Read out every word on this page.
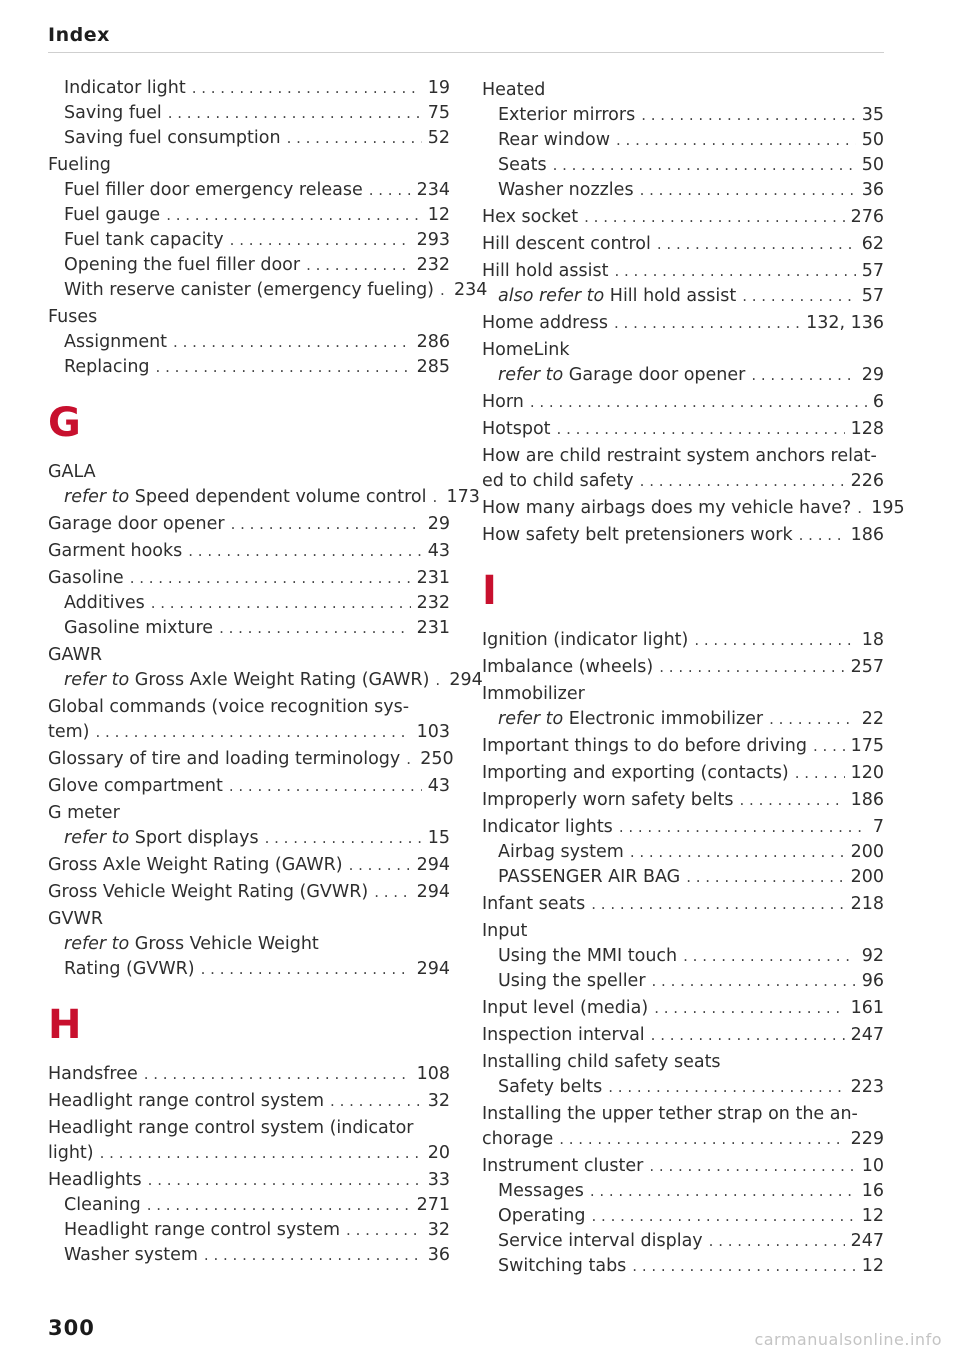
Index
Indicator light . . .	19
Saving fuel . . .	75
Saving fuel consumption . . .	52
Fueling
Fuel filler door emergency release . . .	234
Fuel gauge . . .	12
Fuel tank capacity . . .	293
Opening the fuel filler door . . .	232
With reserve canister (emergency fueling) . . . 234
Fuses
Assignment . . .	286
Replacing . . .	285
G
GALA
refer to Speed dependent volume control . . . 173
Garage door opener . . .	29
Garment hooks . . .	43
Gasoline . . .	231
Additives . . .	232
Gasoline mixture . . .	231
GAWR
refer to Gross Axle Weight Rating (GAWR) . . . 294
Global commands (voice recognition sys-
tem) . . .	103
Glossary of tire and loading terminology . . . 250
Glove compartment . . .	43
G meter
refer to Sport displays . . .	15
Gross Axle Weight Rating (GAWR) . . .	294
Gross Vehicle Weight Rating (GVWR) . . .	294
GVWR
refer to Gross Vehicle Weight
Rating (GVWR) . . .	294
H
Handsfree . . .	108
Headlight range control system . . .	32
Headlight range control system (indicator
light) . . .	20
Headlights . . .	33
Cleaning . . .	271
Headlight range control system . . .	32
Washer system . . .	36
Heated
Exterior mirrors . . .	35
Rear window . . .	50
Seats . . .	50
Washer nozzles . . .	36
Hex socket . . .	276
Hill descent control . . .	62
Hill hold assist . . .	57
also refer to Hill hold assist . . .	57
Home address . . .	132, 136
HomeLink
refer to Garage door opener . . .	29
Horn . . .	6
Hotspot . . .	128
How are child restraint system anchors relat-
ed to child safety . . .	226
How many airbags does my vehicle have? . . . 195
How safety belt pretensioners work . . .	186
I
Ignition (indicator light) . . .	18
Imbalance (wheels) . . .	257
Immobilizer
refer to Electronic immobilizer . . .	22
Important things to do before driving . . . 175
Importing and exporting (contacts) . . .	120
Improperly worn safety belts . . .	186
Indicator lights . . .	7
Airbag system . . .	200
PASSENGER AIR BAG . . .	200
Infant seats . . .	218
Input
Using the MMI touch . . .	92
Using the speller . . .	96
Input level (media) . . .	161
Inspection interval . . .	247
Installing child safety seats
Safety belts . . .	223
Installing the upper tether strap on the an-
chorage . . .	229
Instrument cluster . . .	10
Messages . . .	16
Operating . . .	12
Service interval display . . .	247
Switching tabs . . .	12
300	carmanualsonline.info
